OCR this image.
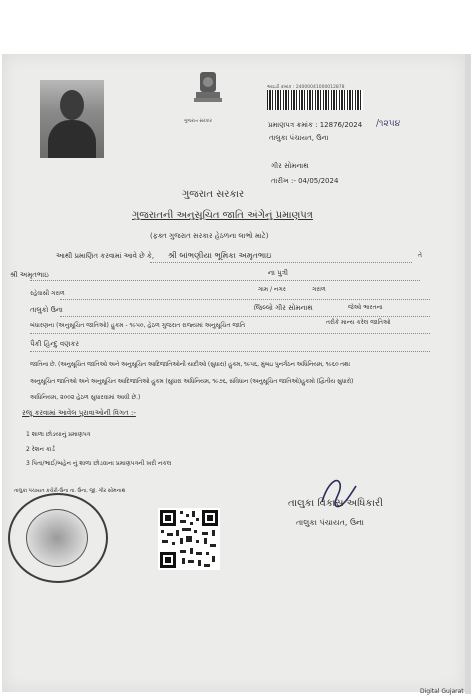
ગુજરાત સરકાર
આઇડી ક્રમાંક : 24000041000012878
પ્રમાણપત્ર ક્રમાંક : 12876/2024 /૧૨૫૪
તાલુકા પંચાયત, ઉના
ગીર સોમનાથ
તારીખ :- 04/05/2024
ગુજરાત સરકાર
ગુજરાતની અનુસૂચિત જાતિ અંગેનું પ્રમાણપત્ર
(ફક્ત ગુજરાત સરકાર હેઠળના લાભો માટે)
આથી પ્રમાણિત કરવામાં આવે છે કે, શ્રી બાંભણીયા ભૂમિકા અમૃતભાઇ	તે
શ્રી અમૃતભાઇ	ના પુત્રી
રહેવાસી ગરાળ
ગામ / નગર	ગરાળ
તાલુકો ઉના	જિલ્લો ગીર સોમનાથ	જેઓ ભારતના
બંધારણના (અનુસૂચિત જાતિઓ) હુકમ - ૧૯૫૦, હેઠળ ગુજરાત રાજ્યમાં અનુસૂચિત જાતિ	તરીકે માન્ય કરેલ જાતિઓ
પૈકી હિન્દુ વણકર
જાતિના છે. (અનુસૂચિત જાતિઓ અને અનુસૂચિત આદિજાતિઓની યાદીઓ (સુધારા) હુકમ, ૧૯૫૬, મુંબઇ પુનર્ગઠન અધિનિયમ, ૧૯૬૦ તથા
અનુસૂચિત જાતિઓ અને અનુસૂચિત આદિજાતિઓ હુકમ (સુધારા અધિનિયમ, ૧૯૭૬, સંવિધાન (અનુસૂચિત જાતિઓ)હુકમો (દ્વિતીય સુધારો)
અધિનિયમ, ૨૦૦૨ હેઠળ સુધારવામાં આવી છે.)
રજૂ કરવામાં આવેલ પુરાવાઓની વિગત :-
1 શાળા છોડયાનું પ્રમાણપત્ર
2 રેશન કાર્ડ
3 પિતા/ભાઈ/બહેન નું શાળા છોડવાના પ્રમાણપત્રની ખરી નકલ
તાલુકા પંચાયત કચેરી-ઉના તા. ઉના, જી. ગીર સોમનાથ
તાલુકા વિકાસ અધિકારી
તાલુકા પંચાયત, ઉના
Digital Gujarat
